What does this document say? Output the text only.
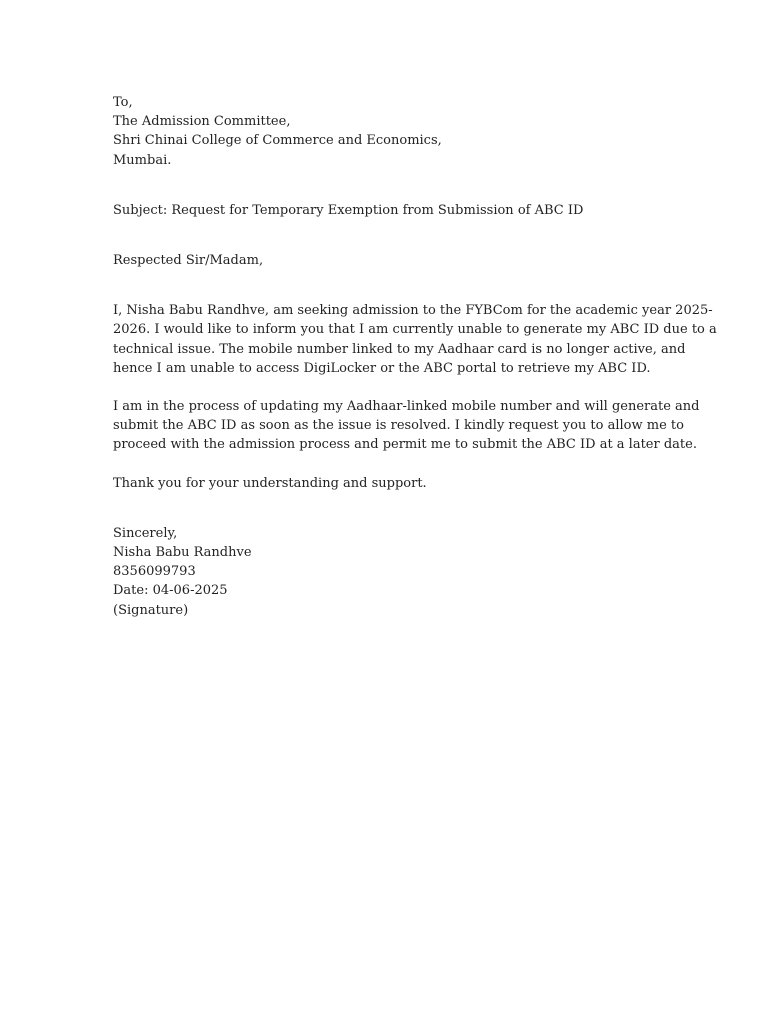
To,
The Admission Committee,
Shri Chinai College of Commerce and Economics,
Mumbai.
Subject: Request for Temporary Exemption from Submission of ABC ID
Respected Sir/Madam,
I, Nisha Babu Randhve, am seeking admission to the FYBCom for the academic year 2025-
2026. I would like to inform you that I am currently unable to generate my ABC ID due to a
technical issue. The mobile number linked to my Aadhaar card is no longer active, and
hence I am unable to access DigiLocker or the ABC portal to retrieve my ABC ID.
I am in the process of updating my Aadhaar-linked mobile number and will generate and
submit the ABC ID as soon as the issue is resolved. I kindly request you to allow me to
proceed with the admission process and permit me to submit the ABC ID at a later date.
Thank you for your understanding and support.
Sincerely,
Nisha Babu Randhve
8356099793
Date: 04-06-2025
(Signature)
